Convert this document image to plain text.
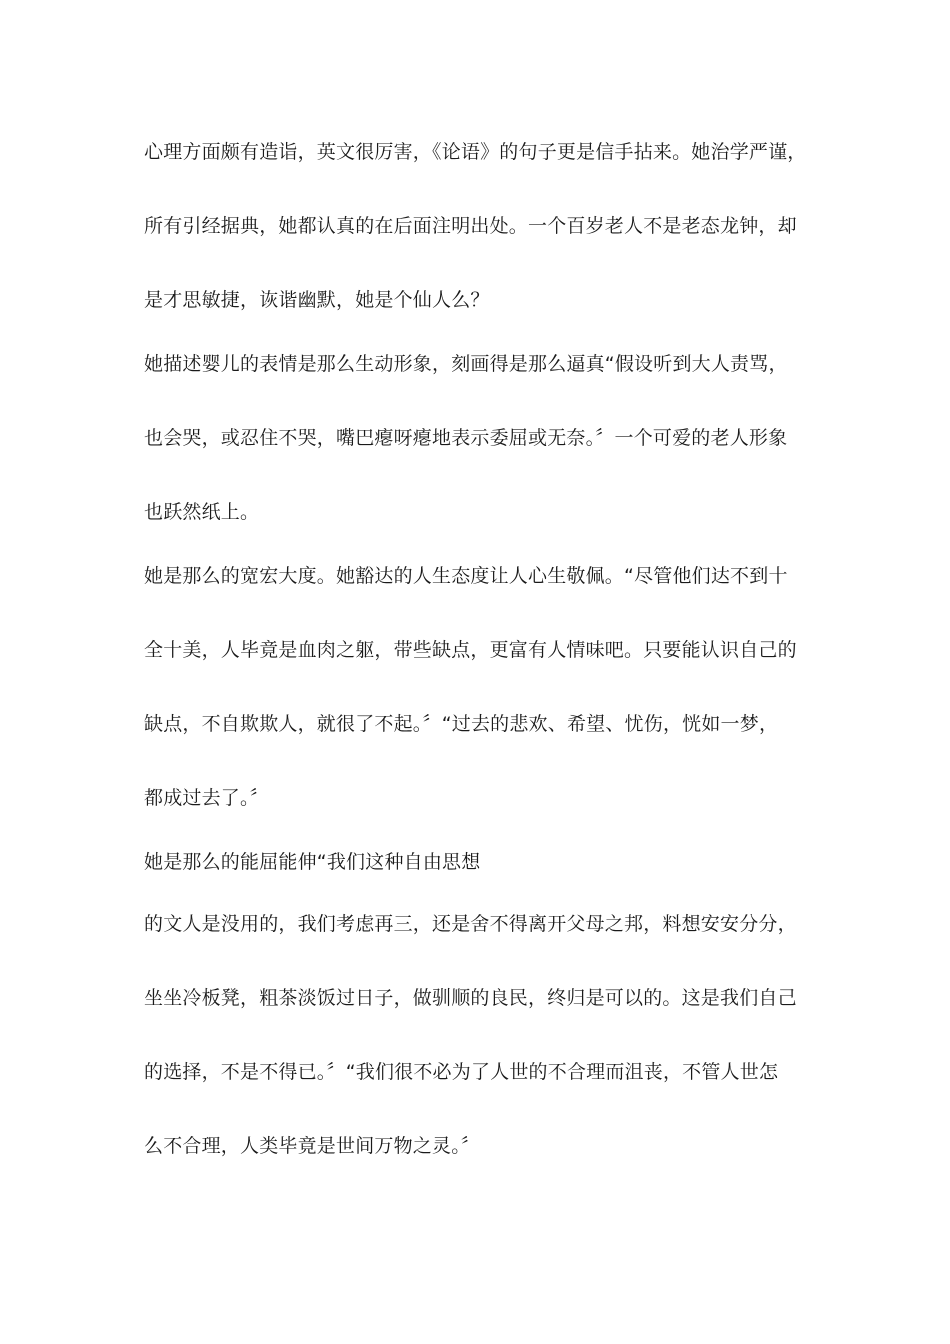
心理方面颇有造诣，英文很厉害，《论语》的句子更是信手拈来。她治学严谨，
所有引经据典，她都认真的在后面注明出处。一个百岁老人不是老态龙钟，却
是才思敏捷，诙谐幽默，她是个仙人么？
她描述婴儿的表情是那么生动形象，刻画得是那么逼真“假设听到大人责骂，
也会哭，或忍住不哭，嘴巴瘪呀瘪地表示委屈或无奈。〞一个可爱的老人形象
也跃然纸上。
她是那么的宽宏大度。她豁达的人生态度让人心生敬佩。“尽管他们达不到十
全十美，人毕竟是血肉之躯，带些缺点，更富有人情味吧。只要能认识自己的
缺点，不自欺欺人，就很了不起。〞“过去的悲欢、希望、忧伤，恍如一梦，
都成过去了。〞
她是那么的能屈能伸“我们这种自由思想
的文人是没用的，我们考虑再三，还是舍不得离开父母之邦，料想安安分分，
坐坐冷板凳，粗茶淡饭过日子，做驯顺的良民，终归是可以的。这是我们自己
的选择，不是不得已。〞“我们很不必为了人世的不合理而沮丧，不管人世怎
么不合理，人类毕竟是世间万物之灵。〞
